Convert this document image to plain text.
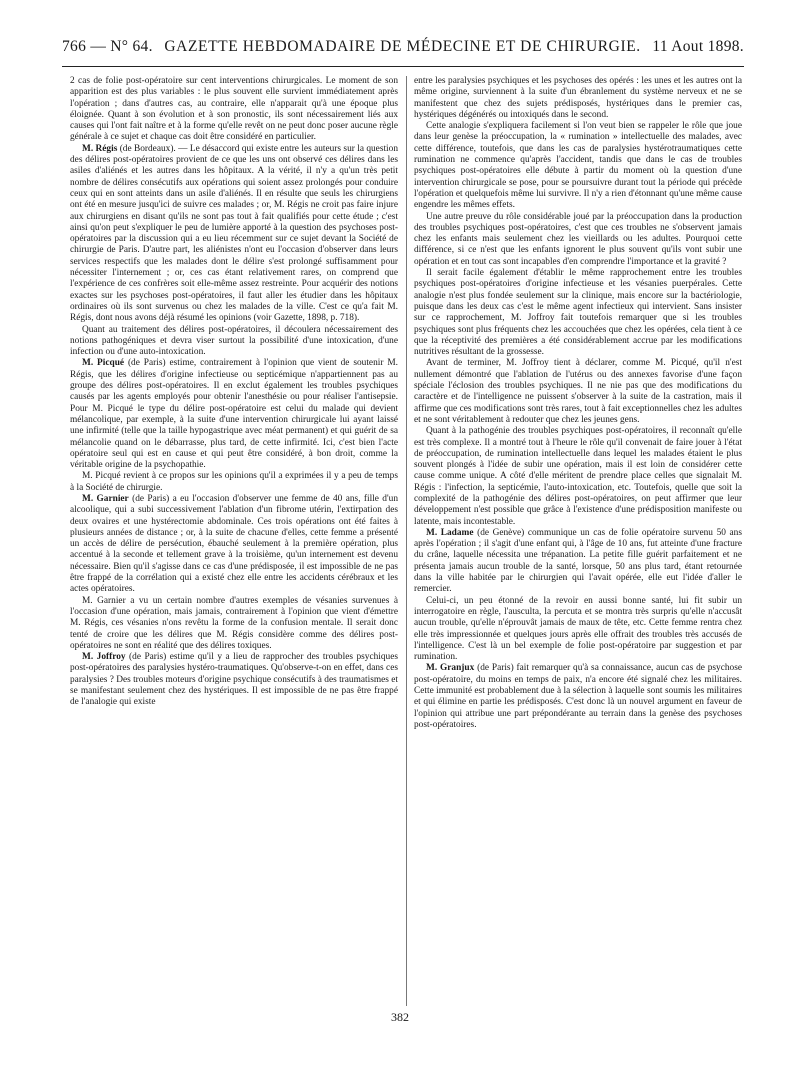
766 — N° 64. GAZETTE HEBDOMADAIRE DE MÉDECINE ET DE CHIRURGIE. 11 Aout 1898.

2 cas de folie post-opératoire sur cent interventions chirurgicales. Le moment de son apparition est des plus variables : le plus souvent elle survient immédiatement après l'opération ; dans d'autres cas, au contraire, elle n'apparait qu'à une époque plus éloignée. Quant à son évolution et à son pronostic, ils sont nécessairement liés aux causes qui l'ont fait naître et à la forme qu'elle revêt on ne peut donc poser aucune règle générale à ce sujet et chaque cas doit être considéré en particulier.

M. Régis (de Bordeaux). — Le désaccord qui existe entre les auteurs sur la question des délires post-opératoires provient de ce que les uns ont observé ces délires dans les asiles d'aliénés et les autres dans les hôpitaux. A la vérité, il n'y a qu'un très petit nombre de délires consécutifs aux opérations qui soient assez prolongés pour conduire ceux qui en sont atteints dans un asile d'aliénés. Il en résulte que seuls les chirurgiens ont été en mesure jusqu'ici de suivre ces malades ; or, M. Régis ne croit pas faire injure aux chirurgiens en disant qu'ils ne sont pas tout à fait qualifiés pour cette étude ; c'est ainsi qu'on peut s'expliquer le peu de lumière apporté à la question des psychoses post-opératoires par la discussion qui a eu lieu récemment sur ce sujet devant la Société de chirurgie de Paris. D'autre part, les aliénistes n'ont eu l'occasion d'observer dans leurs services respectifs que les malades dont le délire s'est prolongé suffisamment pour nécessiter l'internement ; or, ces cas étant relativement rares, on comprend que l'expérience de ces confrères soit elle-même assez restreinte. Pour acquérir des notions exactes sur les psychoses post-opératoires, il faut aller les étudier dans les hôpitaux ordinaires où ils sont survenus ou chez les malades de la ville. C'est ce qu'a fait M. Régis, dont nous avons déjà résumé les opinions (voir Gazette, 1898, p. 718).

Quant au traitement des délires post-opératoires, il découlera nécessairement des notions pathogéniques et devra viser surtout la possibilité d'une intoxication, d'une infection ou d'une auto-intoxication.

M. Picqué (de Paris) estime, contrairement à l'opinion que vient de soutenir M. Régis, que les délires d'origine infectieuse ou septicémique n'appartiennent pas au groupe des délires post-opératoires. Il en exclut également les troubles psychiques causés par les agents employés pour obtenir l'anesthésie ou pour réaliser l'antisepsie. Pour M. Picqué le type du délire post-opératoire est celui du malade qui devient mélancolique, par exemple, à la suite d'une intervention chirurgicale lui ayant laissé une infirmité (telle que la taille hypogastrique avec méat permanent) et qui guérit de sa mélancolie quand on le débarrasse, plus tard, de cette infirmité. Ici, c'est bien l'acte opératoire seul qui est en cause et qui peut être considéré, à bon droit, comme la véritable origine de la psychopathie.

M. Picqué revient à ce propos sur les opinions qu'il a exprimées il y a peu de temps à la Société de chirurgie.

M. Garnier (de Paris) a eu l'occasion d'observer une femme de 40 ans, fille d'un alcoolique, qui a subi successivement l'ablation d'un fibrome utérin, l'extirpation des deux ovaires et une hystérectomie abdominale. Ces trois opérations ont été faites à plusieurs années de distance ; or, à la suite de chacune d'elles, cette femme a présenté un accès de délire de persécution, ébauché seulement à la première opération, plus accentué à la seconde et tellement grave à la troisième, qu'un internement est devenu nécessaire. Bien qu'il s'agisse dans ce cas d'une prédisposée, il est impossible de ne pas être frappé de la corrélation qui a existé chez elle entre les accidents cérébraux et les actes opératoires.

M. Garnier a vu un certain nombre d'autres exemples de vésanies survenues à l'occasion d'une opération, mais jamais, contrairement à l'opinion que vient d'émettre M. Régis, ces vésanies n'ons revêtu la forme de la confusion mentale. Il serait donc tenté de croire que les délires que M. Régis considère comme des délires post-opératoires ne sont en réalité que des délires toxiques.

M. Joffroy (de Paris) estime qu'il y a lieu de rapprocher des troubles psychiques post-opératoires des paralysies hystéro-traumatiques. Qu'observe-t-on en effet, dans ces paralysies ? Des troubles moteurs d'origine psychique consécutifs à des traumatismes et se manifestant seulement chez des hystériques. Il est impossible de ne pas être frappé de l'analogie qui existe

entre les paralysies psychiques et les psychoses des opérés : les unes et les autres ont la même origine, surviennent à la suite d'un ébranlement du système nerveux et ne se manifestent que chez des sujets prédisposés, hystériques dans le premier cas, hystériques dégénérés ou intoxiqués dans le second.

Cette analogie s'expliquera facilement si l'on veut bien se rappeler le rôle que joue dans leur genèse la préoccupation, la « rumination » intellectuelle des malades, avec cette différence, toutefois, que dans les cas de paralysies hystérotraumatiques cette rumination ne commence qu'après l'accident, tandis que dans le cas de troubles psychiques post-opératoires elle débute à partir du moment où la question d'une intervention chirurgicale se pose, pour se poursuivre durant tout la période qui précède l'opération et quelquefois même lui survivre. Il n'y a rien d'étonnant qu'une même cause engendre les mêmes effets.

Une autre preuve du rôle considérable joué par la préoccupation dans la production des troubles psychiques post-opératoires, c'est que ces troubles ne s'observent jamais chez les enfants mais seulement chez les vieillards ou les adultes. Pourquoi cette différence, si ce n'est que les enfants ignorent le plus souvent qu'ils vont subir une opération et en tout cas sont incapables d'en comprendre l'importance et la gravité ?

Il serait facile également d'établir le même rapprochement entre les troubles psychiques post-opératoires d'origine infectieuse et les vésanies puerpérales. Cette analogie n'est plus fondée seulement sur la clinique, mais encore sur la bactériologie, puisque dans les deux cas c'est le même agent infectieux qui intervient. Sans insister sur ce rapprochement, M. Joffroy fait toutefois remarquer que si les troubles psychiques sont plus fréquents chez les accouchées que chez les opérées, cela tient à ce que la réceptivité des premières a été considérablement accrue par les modifications nutritives résultant de la grossesse.

Avant de terminer, M. Joffroy tient à déclarer, comme M. Picqué, qu'il n'est nullement démontré que l'ablation de l'utérus ou des annexes favorise d'une façon spéciale l'éclosion des troubles psychiques. Il ne nie pas que des modifications du caractère et de l'intelligence ne puissent s'observer à la suite de la castration, mais il affirme que ces modifications sont très rares, tout à fait exceptionnelles chez les adultes et ne sont véritablement à redouter que chez les jeunes gens.

Quant à la pathogénie des troubles psychiques post-opératoires, il reconnaît qu'elle est très complexe. Il a montré tout à l'heure le rôle qu'il convenait de faire jouer à l'état de préoccupation, de rumination intellectuelle dans lequel les malades étaient le plus souvent plongés à l'idée de subir une opération, mais il est loin de considérer cette cause comme unique. A côté d'elle méritent de prendre place celles que signalait M. Régis : l'infection, la septicémie, l'auto-intoxication, etc. Toutefois, quelle que soit la complexité de la pathogénie des délires post-opératoires, on peut affirmer que leur développement n'est possible que grâce à l'existence d'une prédisposition manifeste ou latente, mais incontestable.

M. Ladame (de Genève) communique un cas de folie opératoire survenu 50 ans après l'opération ; il s'agit d'une enfant qui, à l'âge de 10 ans, fut atteinte d'une fracture du crâne, laquelle nécessita une trépanation. La petite fille guérit parfaitement et ne présenta jamais aucun trouble de la santé, lorsque, 50 ans plus tard, étant retournée dans la ville habitée par le chirurgien qui l'avait opérée, elle eut l'idée d'aller le remercier.

Celui-ci, un peu étonné de la revoir en aussi bonne santé, lui fit subir un interrogatoire en règle, l'ausculta, la percuta et se montra très surpris qu'elle n'accusât aucun trouble, qu'elle n'éprouvât jamais de maux de tête, etc. Cette femme rentra chez elle très impressionnée et quelques jours après elle offrait des troubles très accusés de l'intelligence. C'est là un bel exemple de folie post-opératoire par suggestion et par rumination.

M. Granjux (de Paris) fait remarquer qu'à sa connaissance, aucun cas de psychose post-opératoire, du moins en temps de paix, n'a encore été signalé chez les militaires. Cette immunité est probablement due à la sélection à laquelle sont soumis les militaires et qui élimine en partie les prédisposés. C'est donc là un nouvel argument en faveur de l'opinion qui attribue une part prépondérante au terrain dans la genèse des psychoses post-opératoires.

382
